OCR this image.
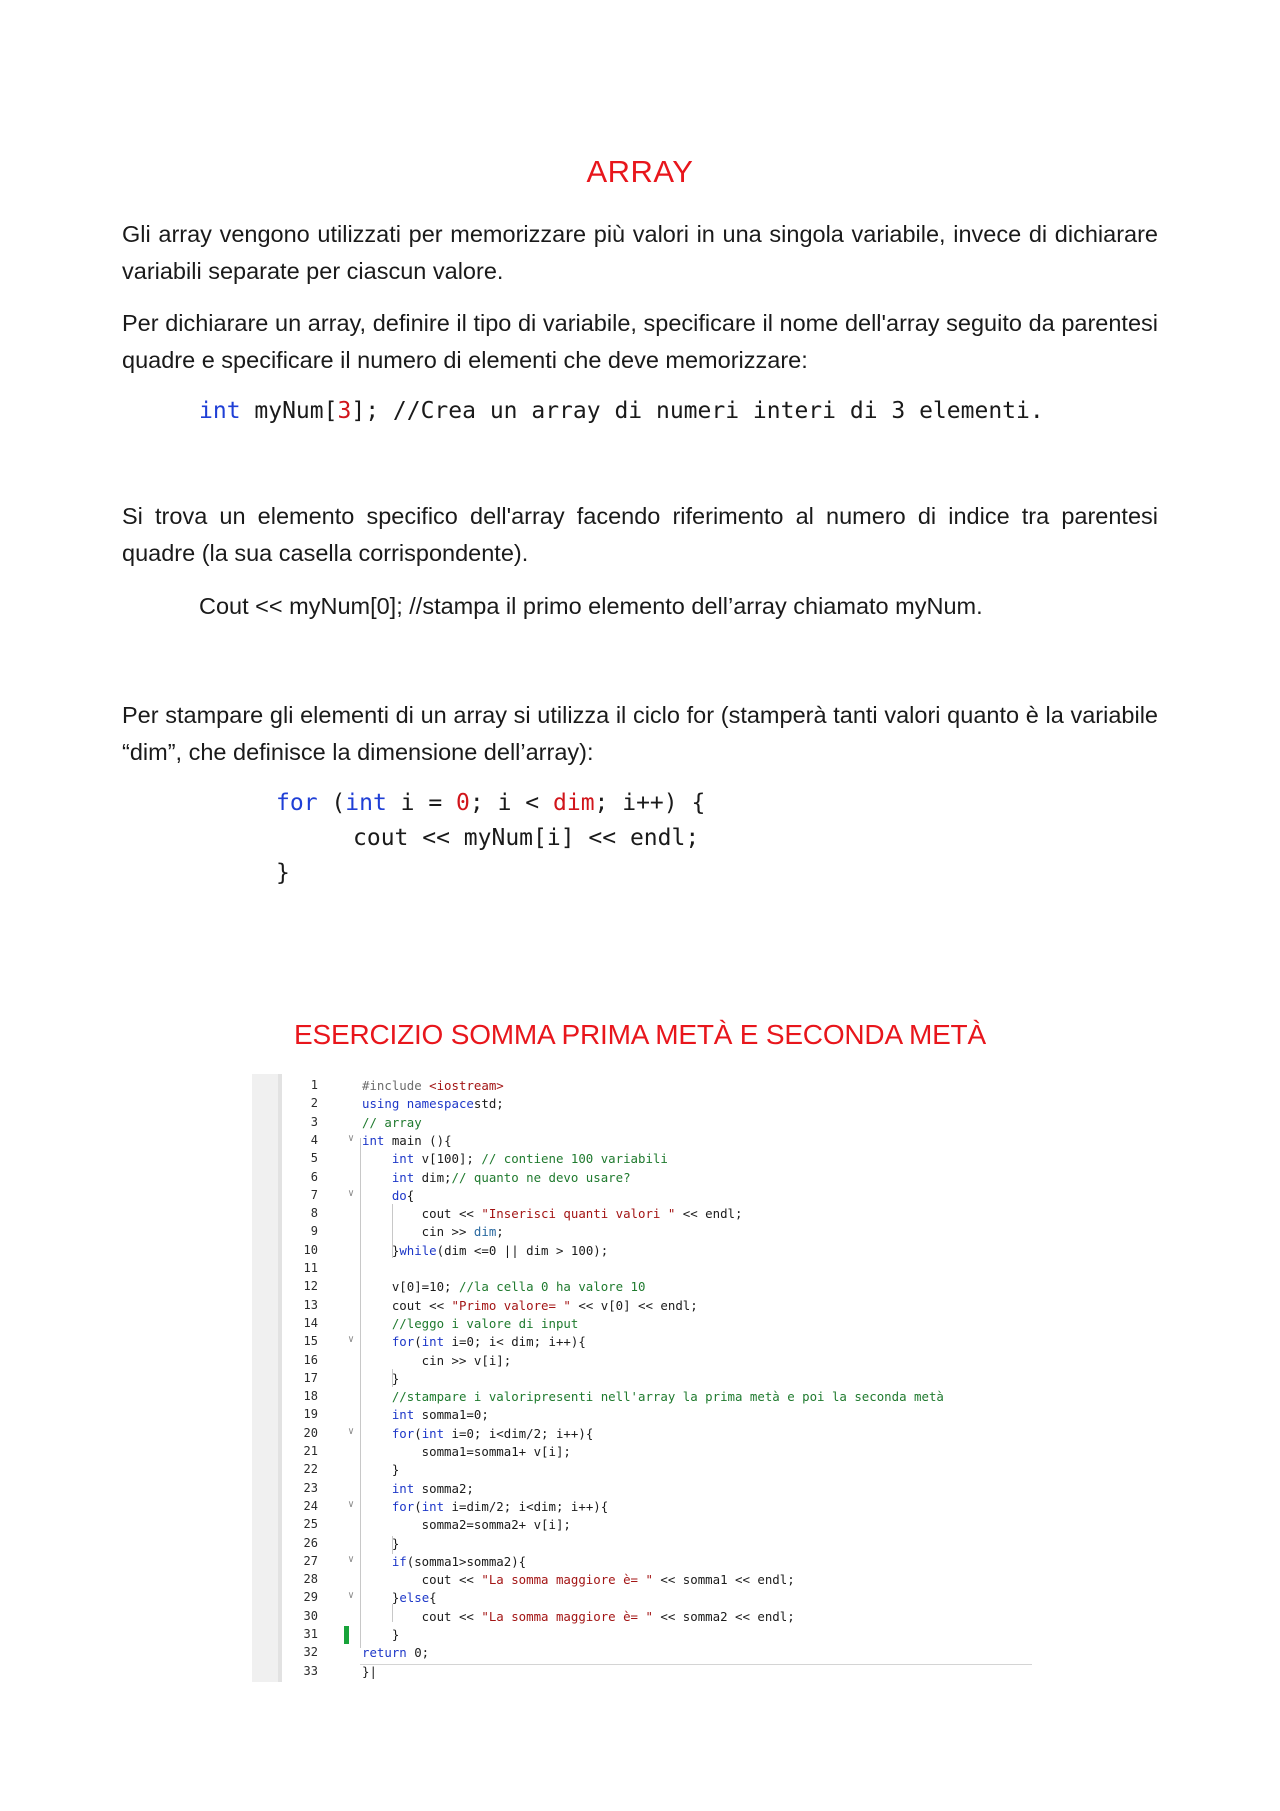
ARRAY
Gli array vengono utilizzati per memorizzare più valori in una singola variabile, invece di dichiarare variabili separate per ciascun valore.
Per dichiarare un array, definire il tipo di variabile, specificare il nome dell'array seguito da parentesi quadre e specificare il numero di elementi che deve memorizzare:
int myNum[3]; //Crea un array di numeri interi di 3 elementi.
Si trova un elemento specifico dell'array facendo riferimento al numero di indice tra parentesi quadre (la sua casella corrispondente).
Cout << myNum[0]; //stampa il primo elemento dell’array chiamato myNum.
Per stampare gli elementi di un array si utilizza il ciclo for (stamperà tanti valori quanto è la variabile “dim”, che definisce la dimensione dell’array):
for (int i = 0; i < dim; i++) {
cout << myNum[i] << endl;
}
ESERCIZIO SOMMA PRIMA METÀ E SECONDA METÀ
1	#include <iostream>
2	using namespacestd;
3	// array
4	∨ int main (){
5	int v[100]; // contiene 100 variabili
6	int dim;// quanto ne devo usare?
7	∨ do{
8	cout << "Inserisci quanti valori " << endl;
9	cin >> dim;
10	}while(dim <=0 || dim > 100);
11
12	v[0]=10; //la cella 0 ha valore 10
13	cout << "Primo valore= " << v[0] << endl;
14	//leggo i valore di input
15	∨ for(int i=0; i< dim; i++){
16	cin >> v[i];
17	}
18	//stampare i valoripresenti nell'array la prima metà e poi la seconda metà
19	int somma1=0;
20	∨ for(int i=0; i<dim/2; i++){
21	somma1=somma1+ v[i];
22	}
23	int somma2;
24	∨ for(int i=dim/2; i<dim; i++){
25	somma2=somma2+ v[i];
26	}
27	∨ if(somma1>somma2){
28	cout << "La somma maggiore è= " << somma1 << endl;
29	∨ }else{
30	cout << "La somma maggiore è= " << somma2 << endl;
31	}
32	return 0;
33	}|
